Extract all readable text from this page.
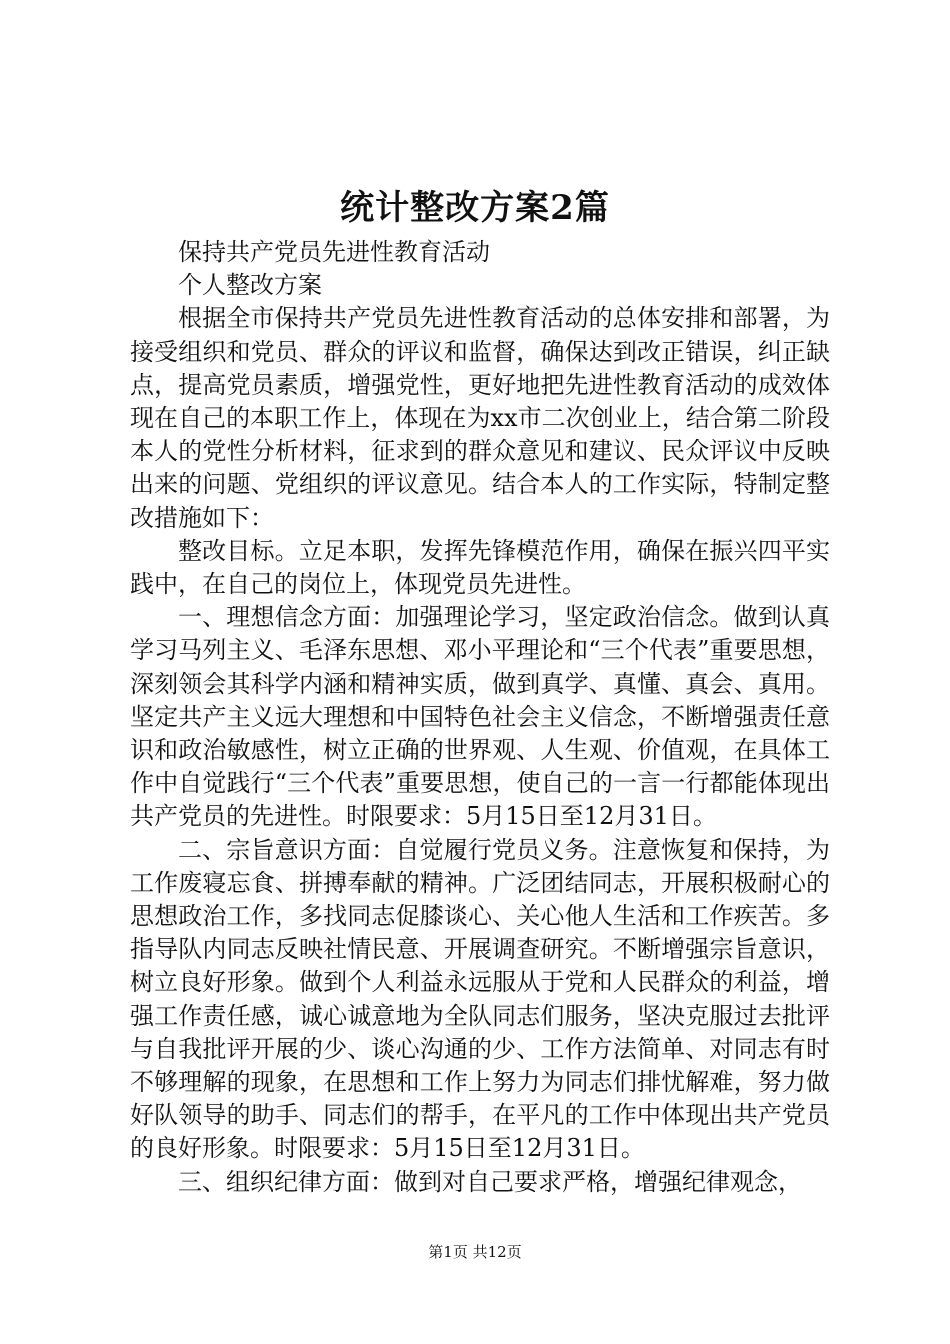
统计整改方案2篇

保持共产党员先进性教育活动

个人整改方案

根据全市保持共产党员先进性教育活动的总体安排和部署，为接受组织和党员、群众的评议和监督，确保达到改正错误，纠正缺点，提高党员素质，增强党性，更好地把先进性教育活动的成效体现在自己的本职工作上，体现在为xx市二次创业上，结合第二阶段本人的党性分析材料，征求到的群众意见和建议、民众评议中反映出来的问题、党组织的评议意见。结合本人的工作实际，特制定整改措施如下：

整改目标。立足本职，发挥先锋模范作用，确保在振兴四平实践中，在自己的岗位上，体现党员先进性。

一、理想信念方面：加强理论学习，坚定政治信念。做到认真学习马列主义、毛泽东思想、邓小平理论和“三个代表”重要思想，深刻领会其科学内涵和精神实质，做到真学、真懂、真会、真用。坚定共产主义远大理想和中国特色社会主义信念，不断增强责任意识和政治敏感性，树立正确的世界观、人生观、价值观，在具体工作中自觉践行“三个代表”重要思想，使自己的一言一行都能体现出共产党员的先进性。时限要求：5月15日至12月31日。

二、宗旨意识方面：自觉履行党员义务。注意恢复和保持，为工作废寝忘食、拼搏奉献的精神。广泛团结同志，开展积极耐心的思想政治工作，多找同志促膝谈心、关心他人生活和工作疾苦。多指导队内同志反映社情民意、开展调查研究。不断增强宗旨意识，树立良好形象。做到个人利益永远服从于党和人民群众的利益，增强工作责任感，诚心诚意地为全队同志们服务，坚决克服过去批评与自我批评开展的少、谈心沟通的少、工作方法简单、对同志有时不够理解的现象，在思想和工作上努力为同志们排忧解难，努力做好队领导的助手、同志们的帮手，在平凡的工作中体现出共产党员的良好形象。时限要求：5月15日至12月31日。

三、组织纪律方面：做到对自己要求严格，增强纪律观念，

第1页 共12页
